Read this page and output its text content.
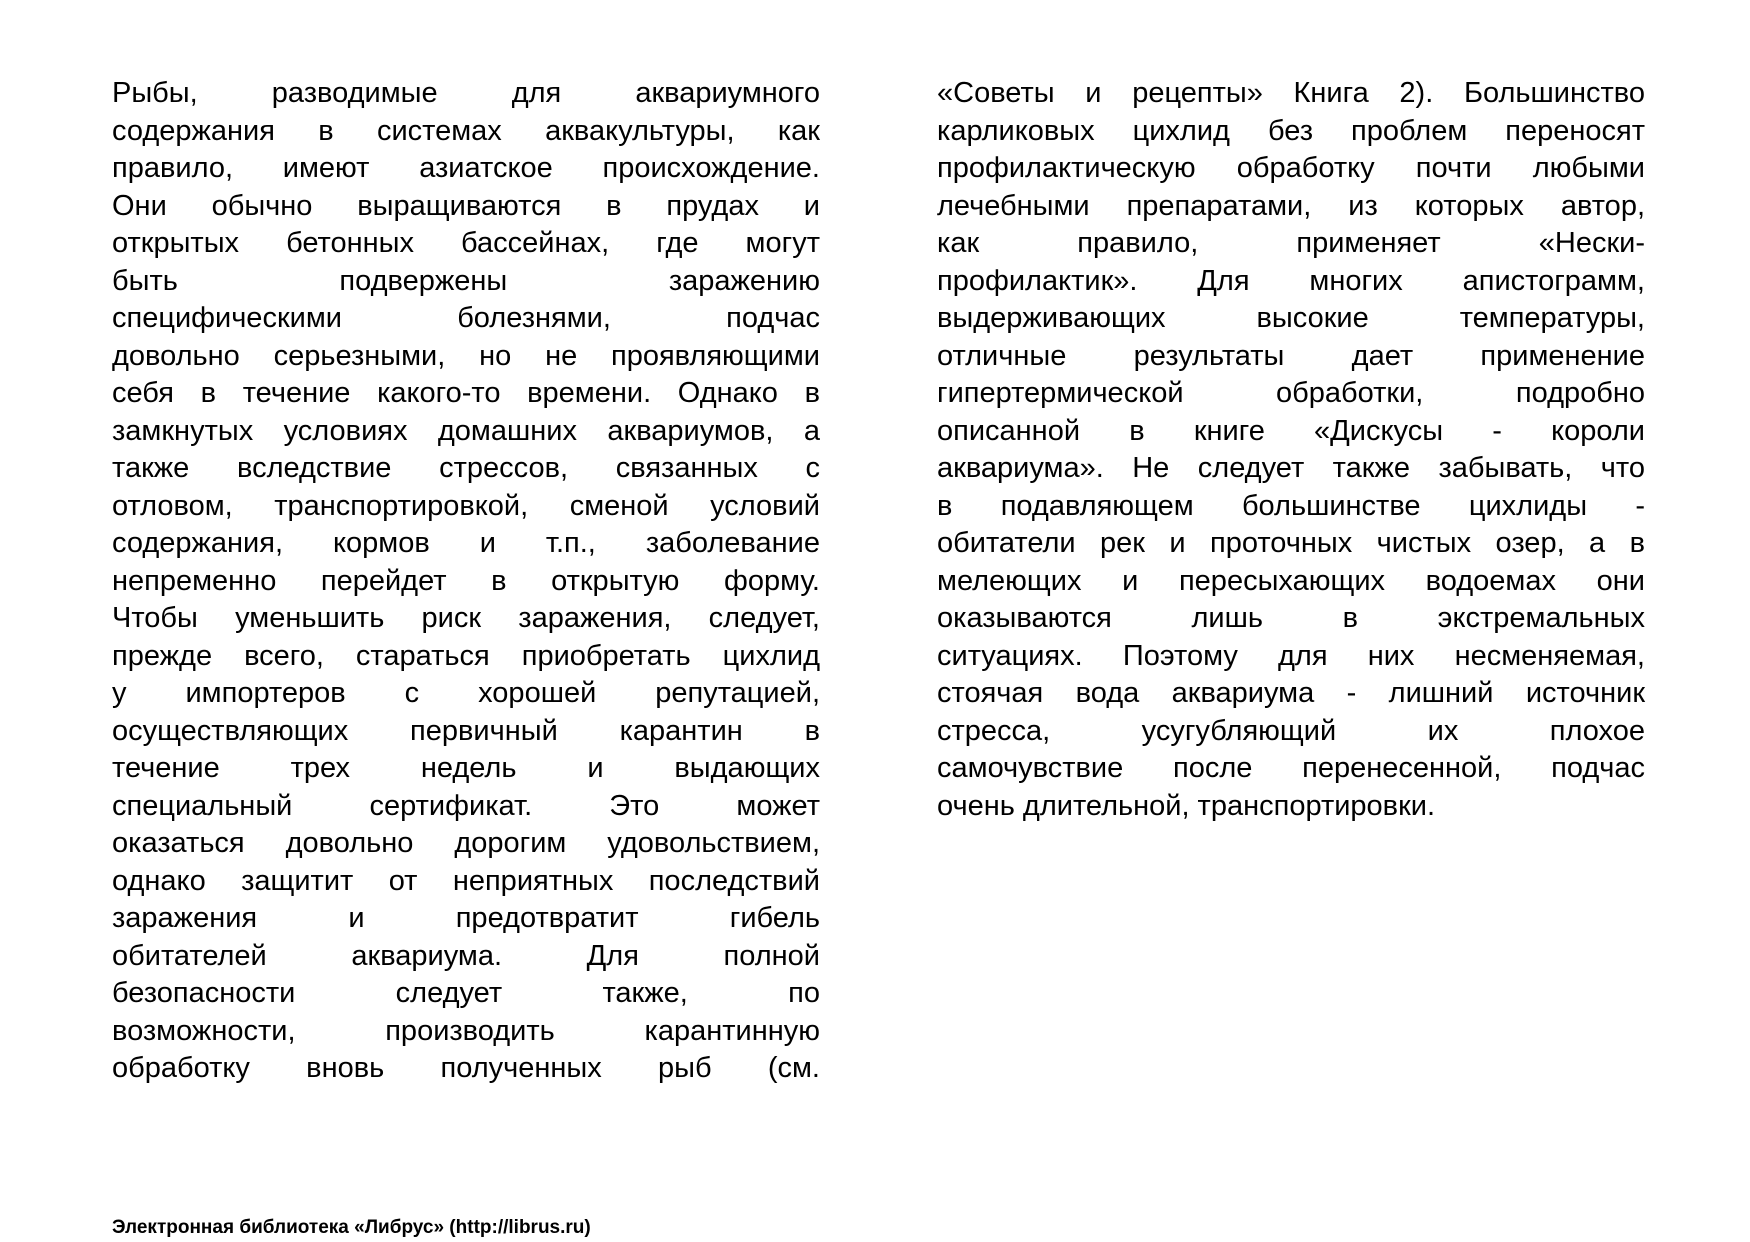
Рыбы, разводимые для аквариумного
содержания в системах аквакультуры, как
правило, имеют азиатское происхождение.
Они обычно выращиваются в прудах и
открытых бетонных бассейнах, где могут
быть подвержены заражению
специфическими болезнями, подчас
довольно серьезными, но не проявляющими
себя в течение какого-то времени. Однако в
замкнутых условиях домашних аквариумов, а
также вследствие стрессов, связанных с
отловом, транспортировкой, сменой условий
содержания, кормов и т.п., заболевание
непременно перейдет в открытую форму.
Чтобы уменьшить риск заражения, следует,
прежде всего, стараться приобретать цихлид
у импортеров с хорошей репутацией,
осуществляющих первичный карантин в
течение трех недель и выдающих
специальный сертификат. Это может
оказаться довольно дорогим удовольствием,
однако защитит от неприятных последствий
заражения и предотвратит гибель
обитателей аквариума. Для полной
безопасности следует также, по
возможности, производить карантинную
обработку вновь полученных рыб (см.
«Советы и рецепты» Книга 2). Большинство
карликовых цихлид без проблем переносят
профилактическую обработку почти любыми
лечебными препаратами, из которых автор,
как правило, применяет «Нески-
профилактик». Для многих апистограмм,
выдерживающих высокие температуры,
отличные результаты дает применение
гипертермической обработки, подробно
описанной в книге «Дискусы - короли
аквариума». Не следует также забывать, что
в подавляющем большинстве цихлиды -
обитатели рек и проточных чистых озер, а в
мелеющих и пересыхающих водоемах они
оказываются лишь в экстремальных
ситуациях. Поэтому для них несменяемая,
стоячая вода аквариума - лишний источник
стресса, усугубляющий их плохое
самочувствие после перенесенной, подчас
очень длительной, транспортировки.
Электронная библиотека «Либрус» (http://librus.ru)
